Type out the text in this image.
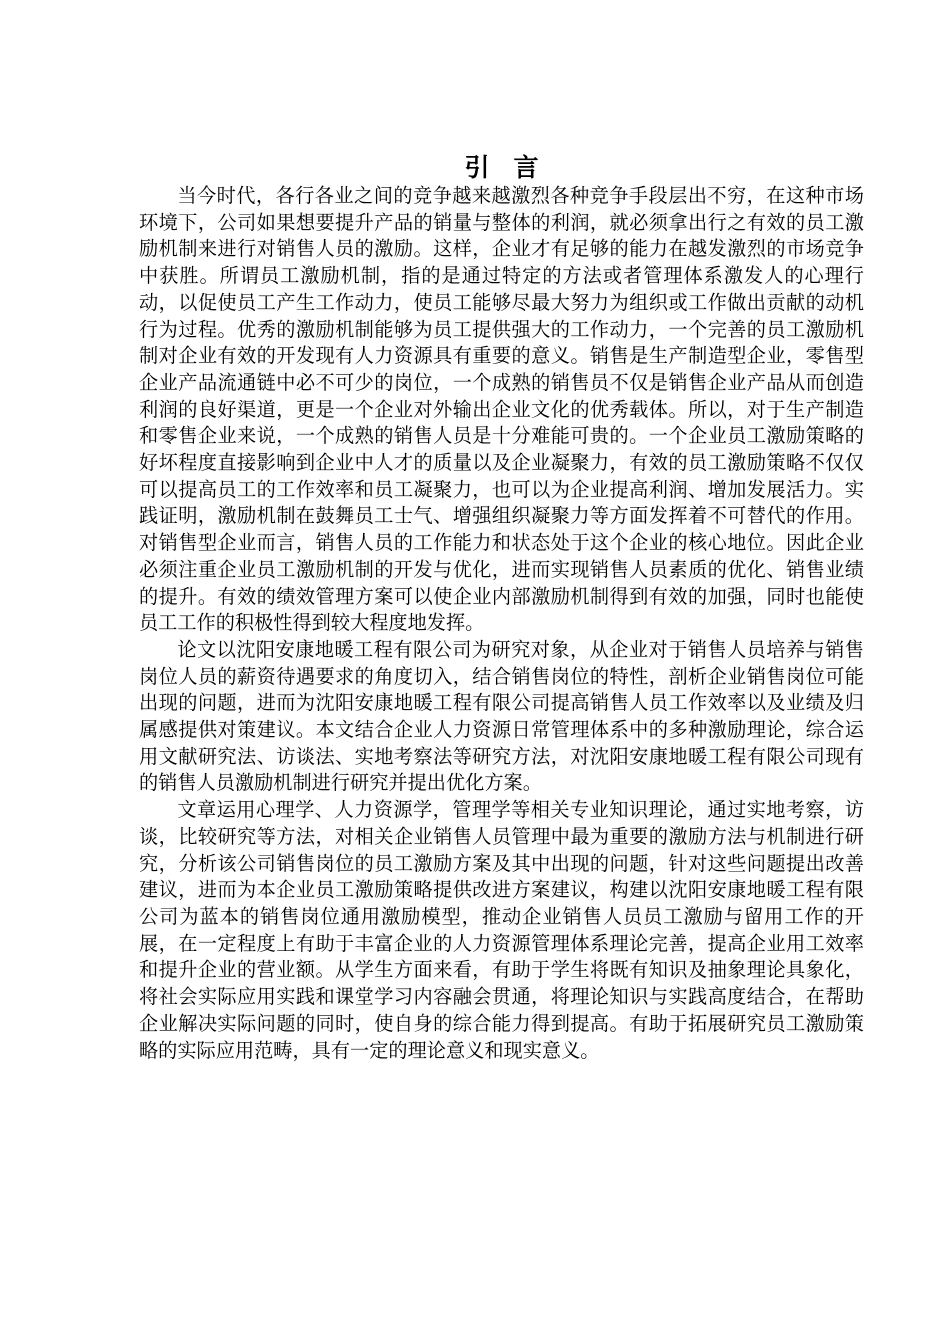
引言

当今时代，各行各业之间的竞争越来越激烈各种竞争手段层出不穷，在这种市场环境下，公司如果想要提升产品的销量与整体的利润，就必须拿出行之有效的员工激励机制来进行对销售人员的激励。这样，企业才有足够的能力在越发激烈的市场竞争中获胜。所谓员工激励机制，指的是通过特定的方法或者管理体系激发人的心理行动，以促使员工产生工作动力，使员工能够尽最大努力为组织或工作做出贡献的动机行为过程。优秀的激励机制能够为员工提供强大的工作动力，一个完善的员工激励机制对企业有效的开发现有人力资源具有重要的意义。销售是生产制造型企业，零售型企业产品流通链中必不可少的岗位，一个成熟的销售员不仅是销售企业产品从而创造利润的良好渠道，更是一个企业对外输出企业文化的优秀载体。所以，对于生产制造和零售企业来说，一个成熟的销售人员是十分难能可贵的。一个企业员工激励策略的好坏程度直接影响到企业中人才的质量以及企业凝聚力，有效的员工激励策略不仅仅可以提高员工的工作效率和员工凝聚力，也可以为企业提高利润、增加发展活力。实践证明，激励机制在鼓舞员工士气、增强组织凝聚力等方面发挥着不可替代的作用。对销售型企业而言，销售人员的工作能力和状态处于这个企业的核心地位。因此企业必须注重企业员工激励机制的开发与优化，进而实现销售人员素质的优化、销售业绩的提升。有效的绩效管理方案可以使企业内部激励机制得到有效的加强，同时也能使员工工作的积极性得到较大程度地发挥。

论文以沈阳安康地暖工程有限公司为研究对象，从企业对于销售人员培养与销售岗位人员的薪资待遇要求的角度切入，结合销售岗位的特性，剖析企业销售岗位可能出现的问题，进而为沈阳安康地暖工程有限公司提高销售人员工作效率以及业绩及归属感提供对策建议。本文结合企业人力资源日常管理体系中的多种激励理论，综合运用文献研究法、访谈法、实地考察法等研究方法，对沈阳安康地暖工程有限公司现有的销售人员激励机制进行研究并提出优化方案。

文章运用心理学、人力资源学，管理学等相关专业知识理论，通过实地考察，访谈，比较研究等方法，对相关企业销售人员管理中最为重要的激励方法与机制进行研究，分析该公司销售岗位的员工激励方案及其中出现的问题，针对这些问题提出改善建议，进而为本企业员工激励策略提供改进方案建议，构建以沈阳安康地暖工程有限公司为蓝本的销售岗位通用激励模型，推动企业销售人员员工激励与留用工作的开展，在一定程度上有助于丰富企业的人力资源管理体系理论完善，提高企业用工效率和提升企业的营业额。从学生方面来看，有助于学生将既有知识及抽象理论具象化，将社会实际应用实践和课堂学习内容融会贯通，将理论知识与实践高度结合，在帮助企业解决实际问题的同时，使自身的综合能力得到提高。有助于拓展研究员工激励策略的实际应用范畴，具有一定的理论意义和现实意义。
